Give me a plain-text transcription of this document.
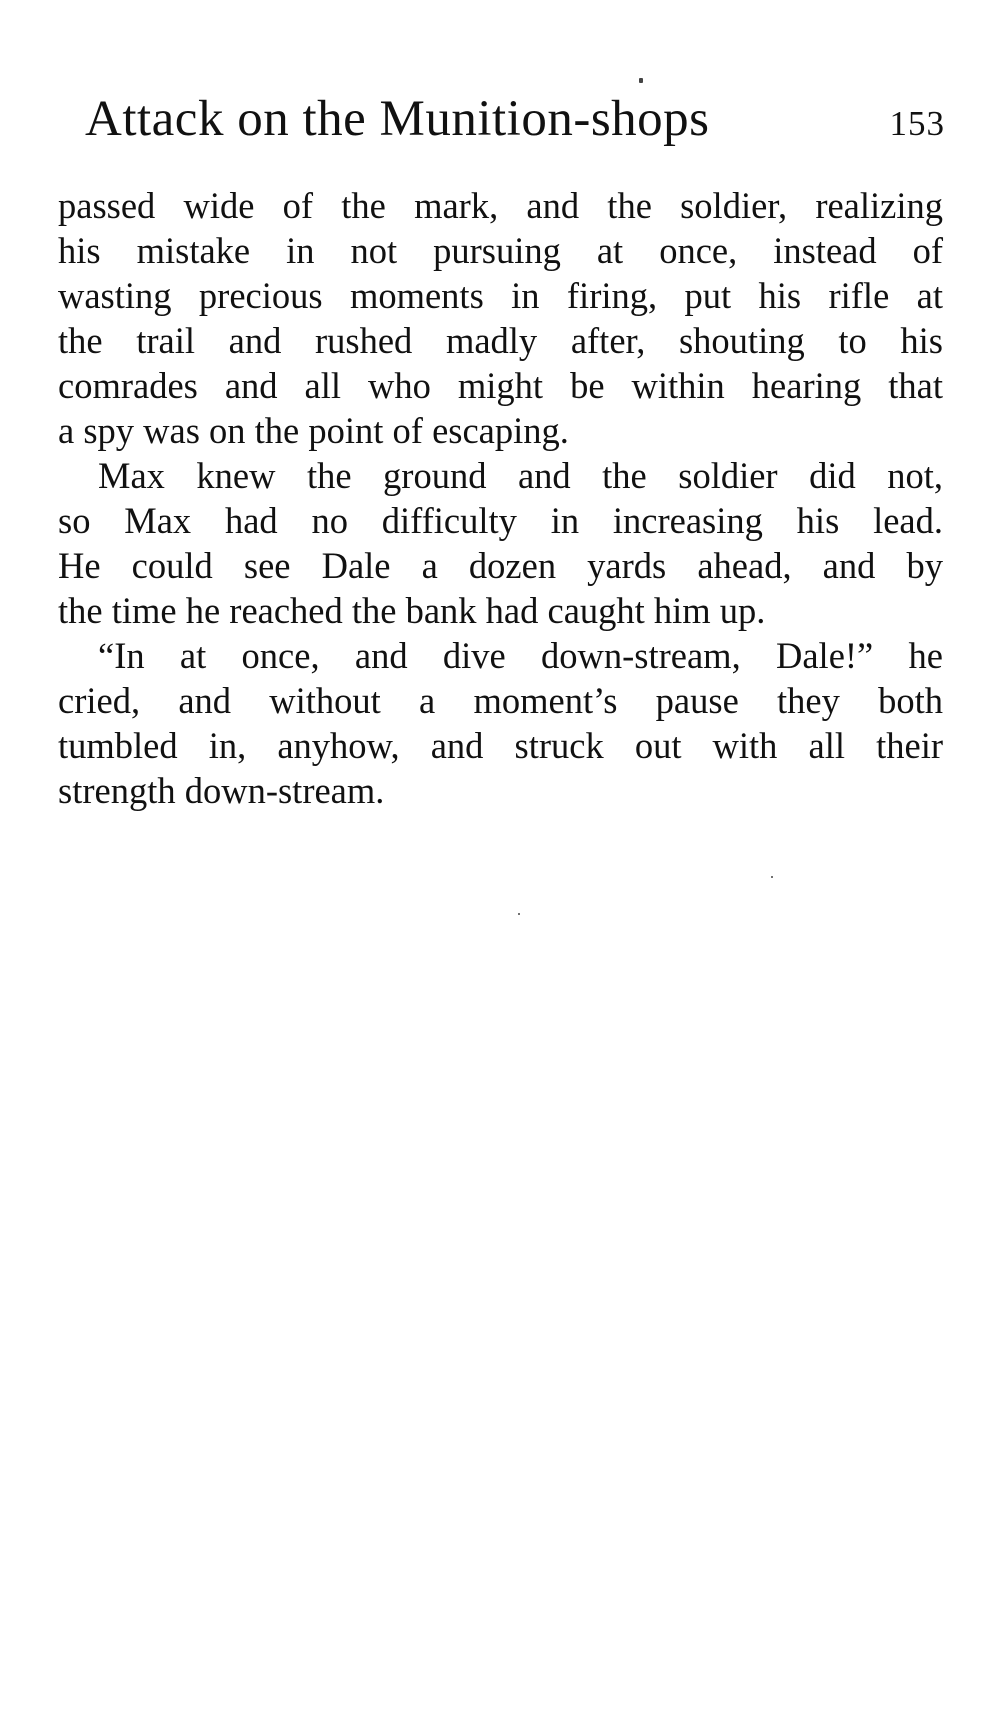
Attack on the Munition-shops	153
passed wide of the mark, and the soldier, realizing
his mistake in not pursuing at once, instead of
wasting precious moments in firing, put his rifle at
the trail and rushed madly after, shouting to his
comrades and all who might be within hearing that
a spy was on the point of escaping.
Max knew the ground and the soldier did not,
so Max had no difficulty in increasing his lead.
He could see Dale a dozen yards ahead, and by
the time he reached the bank had caught him up.
“In at once, and dive down-stream, Dale!” he
cried, and without a moment’s pause they both
tumbled in, anyhow, and struck out with all their
strength down-stream.
